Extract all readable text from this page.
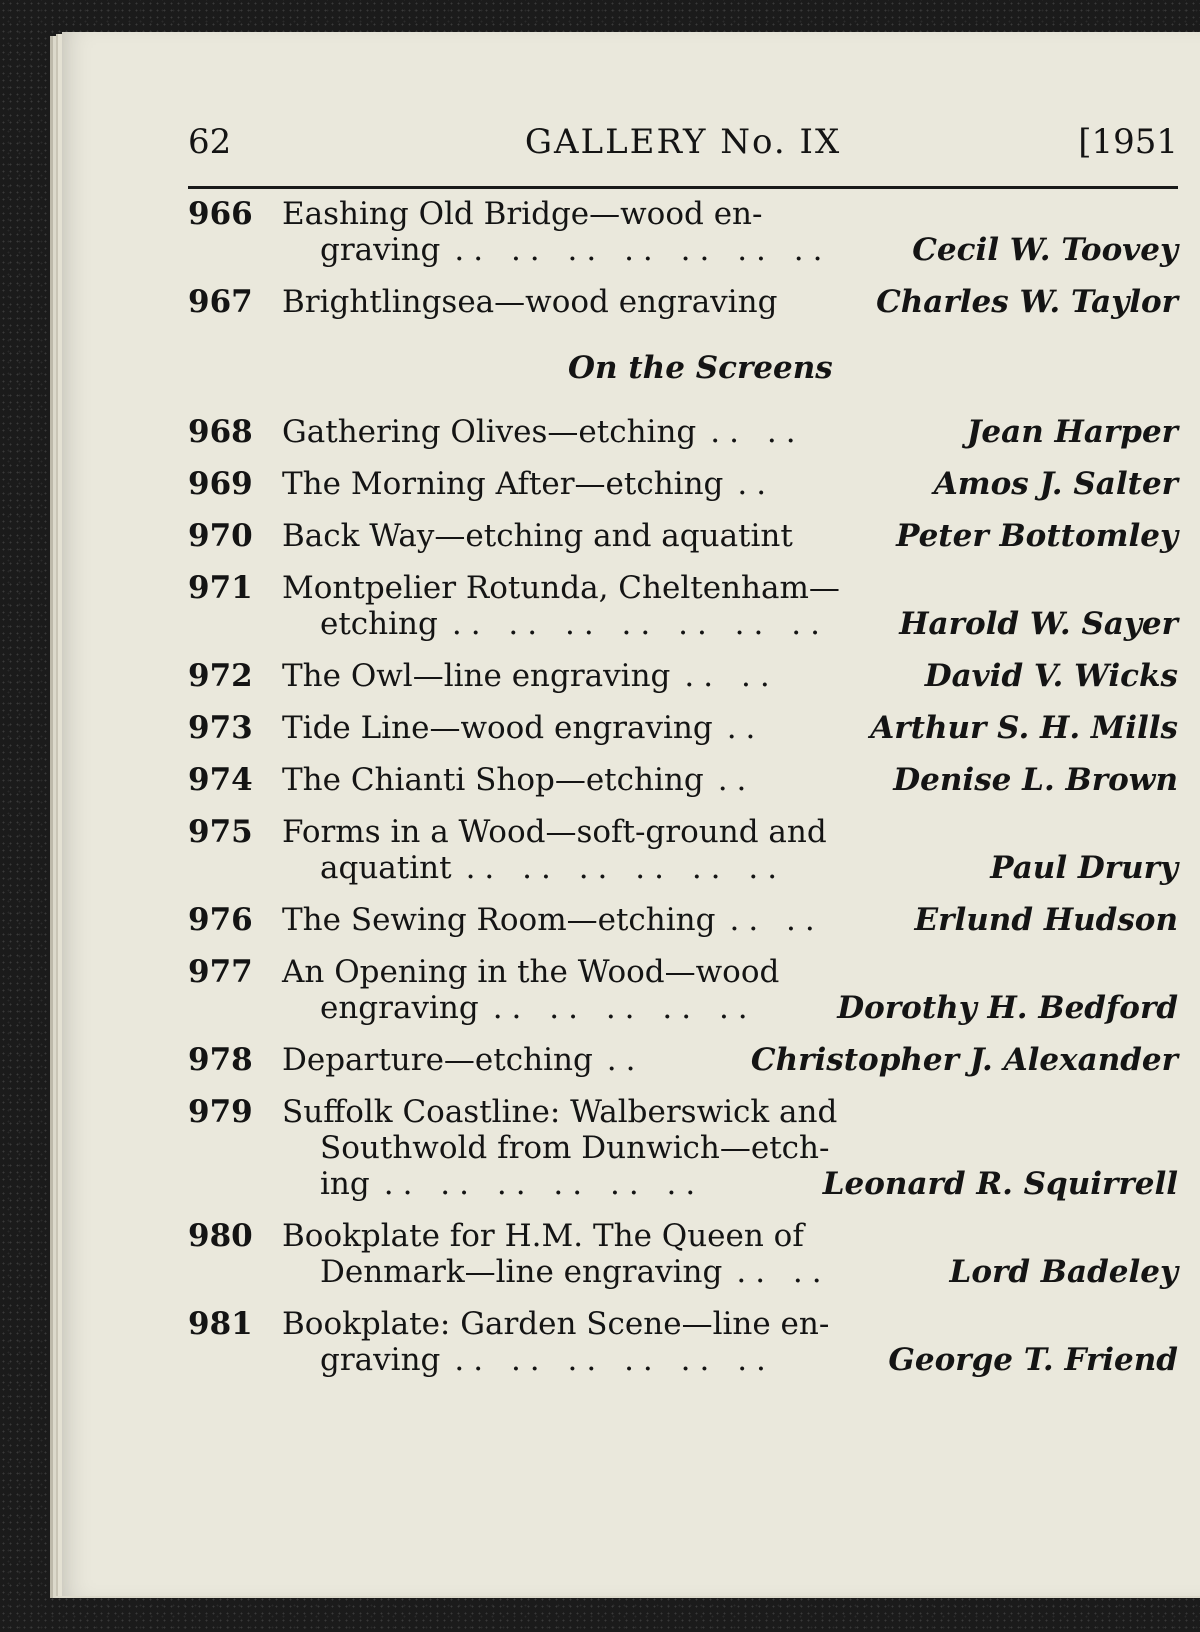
62	GALLERY No. IX	[1951
966 Eashing Old Bridge—wood en-
graving .. .. .. .. .. .. ..	Cecil W. Toovey
967 Brightlingsea—wood engraving	Charles W. Taylor
On the Screens
968 Gathering Olives—etching .. ..	Jean Harper
969 The Morning After—etching ..	Amos J. Salter
970 Back Way—etching and aquatint	Peter Bottomley
971 Montpelier Rotunda, Cheltenham—
etching .. .. .. .. .. .. ..	Harold W. Sayer
972 The Owl—line engraving .. ..	David V. Wicks
973 Tide Line—wood engraving ..	Arthur S. H. Mills
974 The Chianti Shop—etching ..	Denise L. Brown
975 Forms in a Wood—soft-ground and
aquatint .. .. .. .. .. ..	Paul Drury
976 The Sewing Room—etching .. ..	Erlund Hudson
977 An Opening in the Wood—wood
engraving .. .. .. .. ..	Dorothy H. Bedford
978 Departure—etching ..	Christopher J. Alexander
979 Suffolk Coastline: Walberswick and
Southwold from Dunwich—etch-
ing .. .. .. .. .. ..	Leonard R. Squirrell
980 Bookplate for H.M. The Queen of
Denmark—line engraving .. ..	Lord Badeley
981 Bookplate: Garden Scene—line en-
graving .. .. .. .. .. ..	George T. Friend
